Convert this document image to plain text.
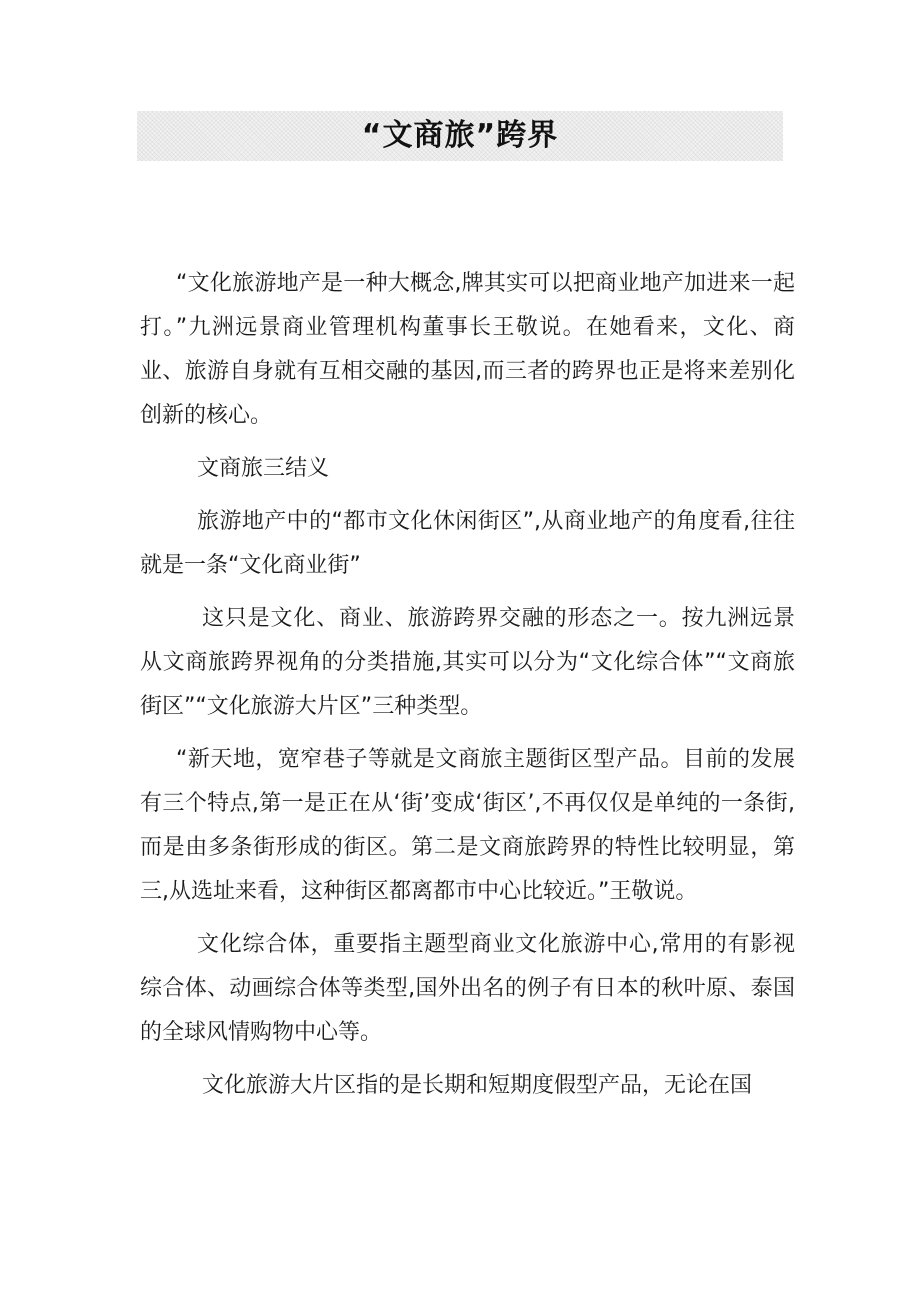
“文商旅”跨界

“文化旅游地产是一种大概念,牌其实可以把商业地产加进来一起打。”九洲远景商业管理机构董事长王敬说。在她看来，文化、商业、旅游自身就有互相交融的基因,而三者的跨界也正是将来差别化创新的核心。

文商旅三结义

旅游地产中的“都市文化休闲街区”,从商业地产的角度看,往往就是一条“文化商业街”

这只是文化、商业、旅游跨界交融的形态之一。按九洲远景从文商旅跨界视角的分类措施,其实可以分为“文化综合体”“文商旅街区”“文化旅游大片区”三种类型。

“新天地，宽窄巷子等就是文商旅主题街区型产品。目前的发展有三个特点,第一是正在从‘街’变成‘街区’,不再仅仅是单纯的一条街,而是由多条街形成的街区。第二是文商旅跨界的特性比较明显，第三,从选址来看，这种街区都离都市中心比较近。”王敬说。

文化综合体，重要指主题型商业文化旅游中心,常用的有影视综合体、动画综合体等类型,国外出名的例子有日本的秋叶原、泰国的全球风情购物中心等。

文化旅游大片区指的是长期和短期度假型产品，无论在国
